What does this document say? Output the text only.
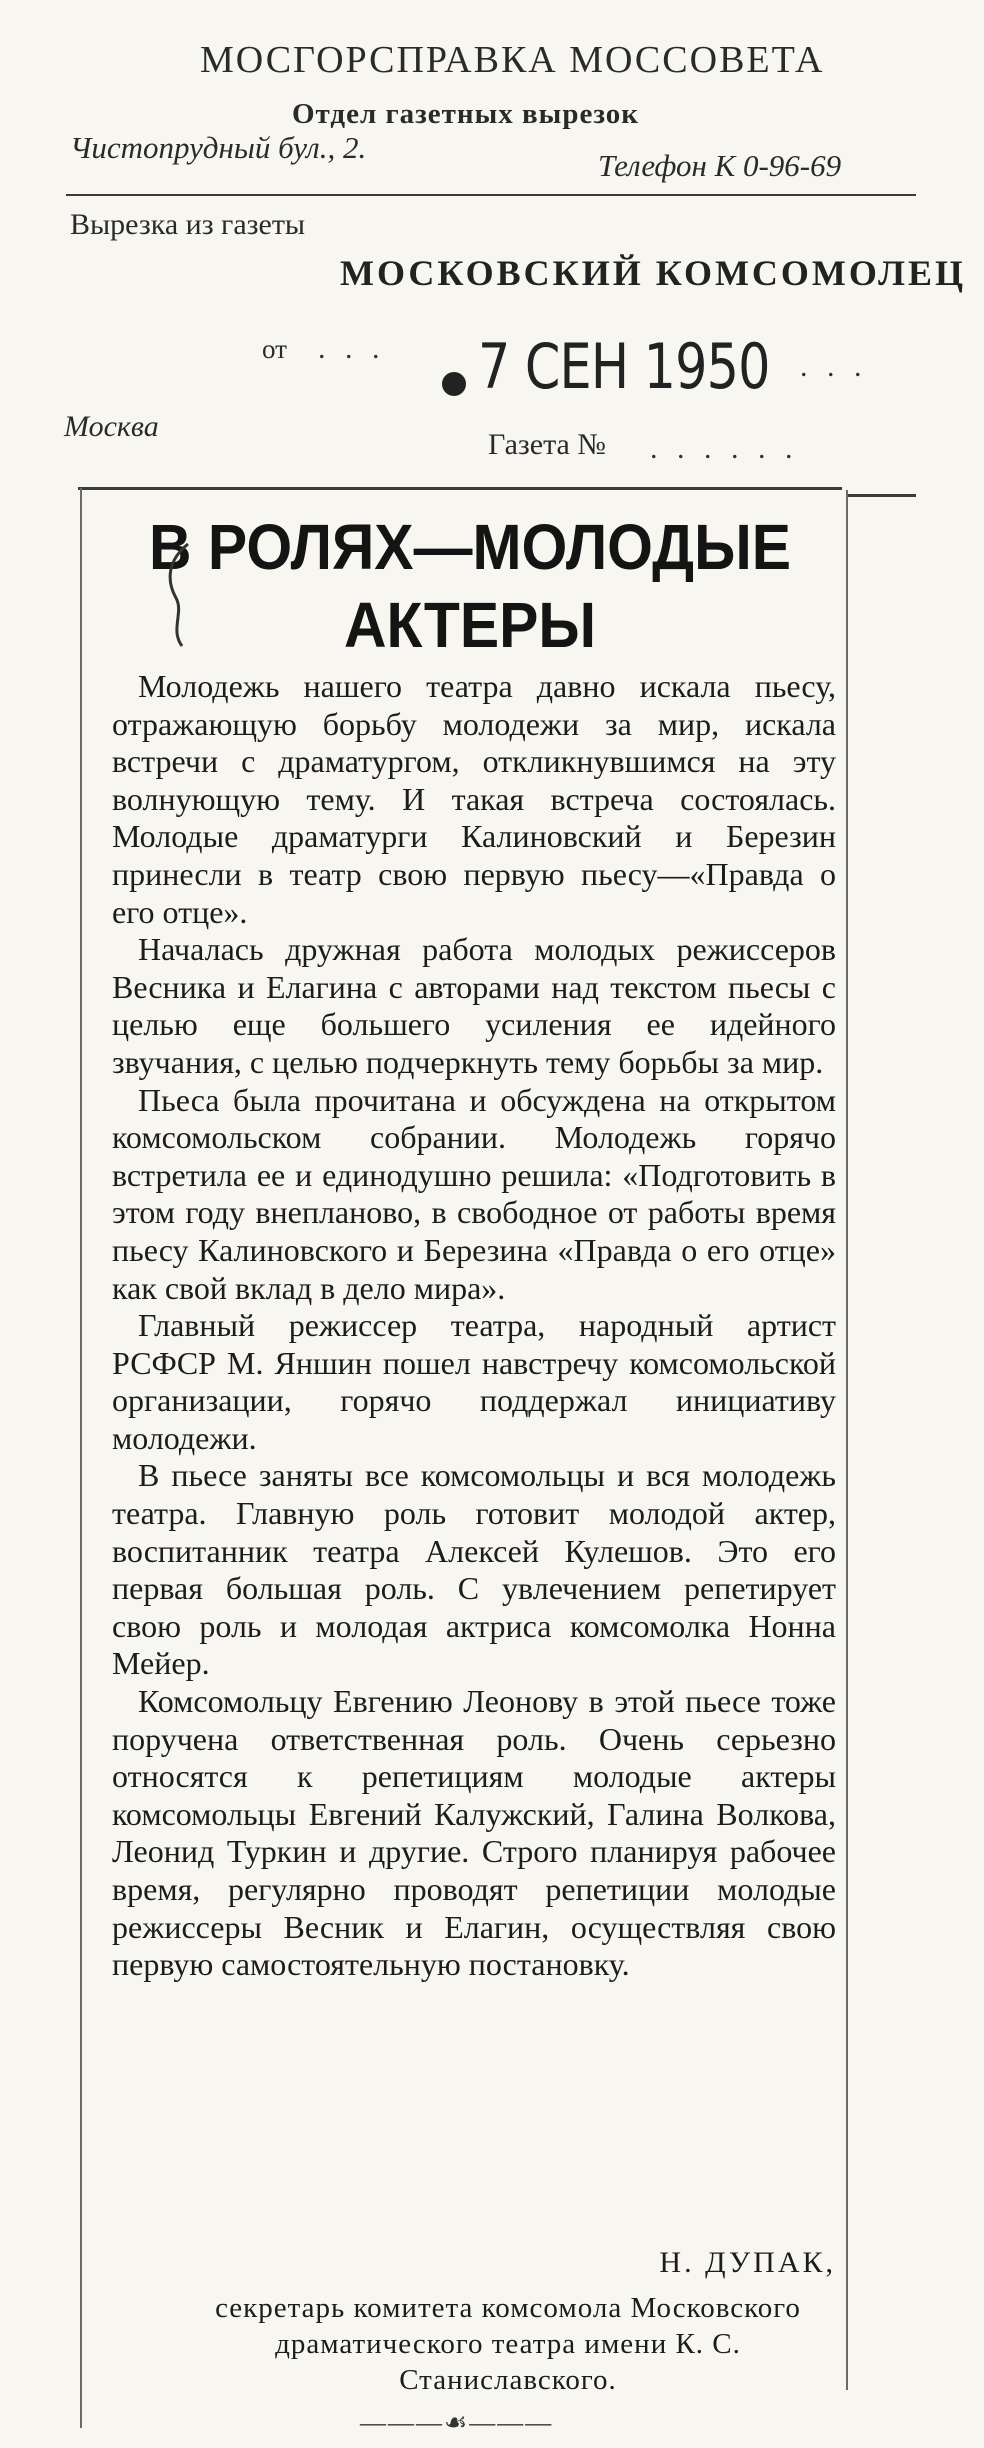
МОСГОРСПРАВКА МОССОВЕТА
Отдел газетных вырезок
Чистопрудный бул., 2.
Телефон К 0-96-69
Вырезка из газеты
МОСКОВСКИЙ КОМСОМОЛЕЦ
от . . . 7 СЕН 1950 . . .
Москва
Газета № . . . . . .
В РОЛЯХ—МОЛОДЫЕ
АКТЕРЫ

Молодежь нашего театра давно искала пьесу, отражающую борьбу молодежи за мир, искала встречи с драматургом, откликнувшимся на эту волнующую тему. И такая встреча состоялась. Молодые драматурги Калиновский и Березин принесли в театр свою первую пьесу—«Правда о его отце».

Началась дружная работа молодых режиссеров Весника и Елагина с авторами над текстом пьесы с целью еще большего усиления ее идейного звучания, с целью подчеркнуть тему борьбы за мир.

Пьеса была прочитана и обсуждена на открытом комсомольском собрании. Молодежь горячо встретила ее и единодушно решила: «Подготовить в этом году внепланово, в свободное от работы время пьесу Калиновского и Березина «Правда о его отце» как свой вклад в дело мира».

Главный режиссер театра, народный артист РСФСР М. Яншин пошел навстречу комсомольской организации, горячо поддержал инициативу молодежи.

В пьесе заняты все комсомольцы и вся молодежь театра. Главную роль готовит молодой актер, воспитанник театра Алексей Кулешов. Это его первая большая роль. С увлечением репетирует свою роль и молодая актриса комсомолка Нонна Мейер.

Комсомольцу Евгению Леонову в этой пьесе тоже поручена ответственная роль. Очень серьезно относятся к репетициям молодые актеры комсомольцы Евгений Калужский, Галина Волкова, Леонид Туркин и другие. Строго планируя рабочее время, регулярно проводят репетиции молодые режиссеры Весник и Елагин, осуществляя свою первую самостоятельную постановку.

Н. ДУПАК,
секретарь комитета комсомола Московского драматического театра имени К. С. Станиславского.
———☙———
